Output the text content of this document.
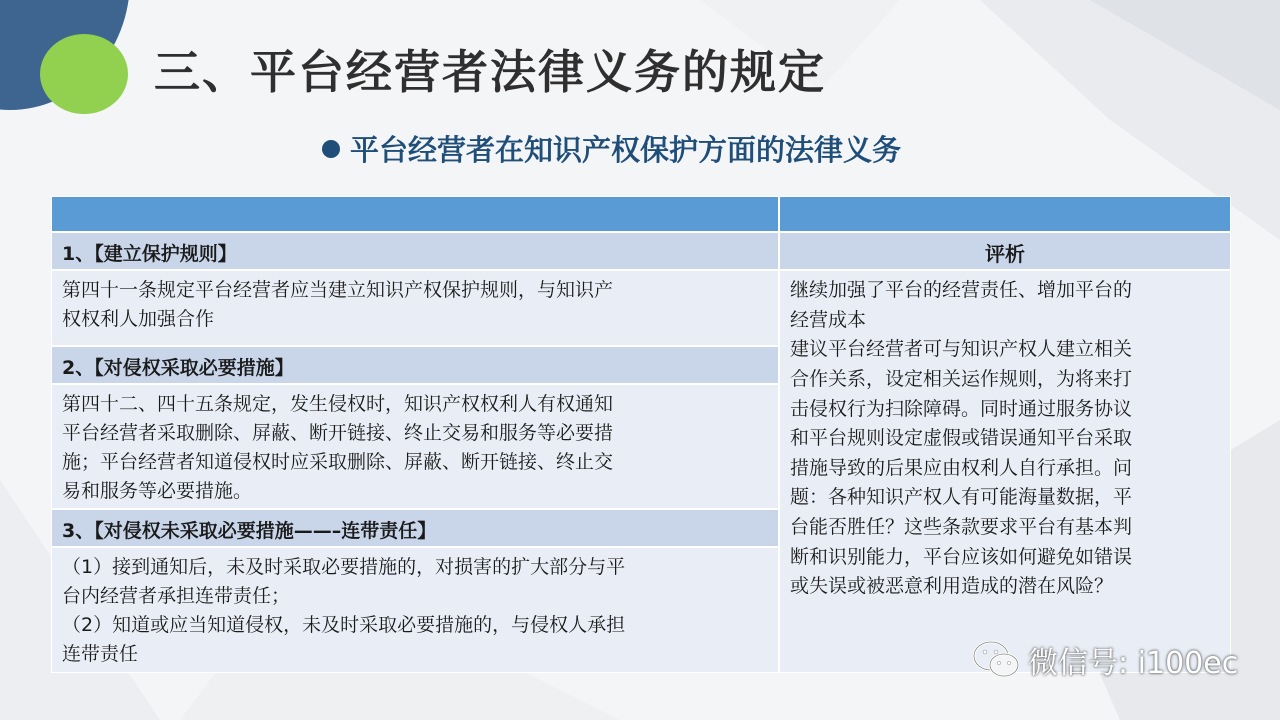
三、平台经营者法律义务的规定
平台经营者在知识产权保护方面的法律义务
1、【建立保护规则】
第四十一条规定平台经营者应当建立知识产权保护规则，与知识产
权权利人加强合作
2、【对侵权采取必要措施】
第四十二、四十五条规定，发生侵权时，知识产权权利人有权通知
平台经营者采取删除、屏蔽、断开链接、终止交易和服务等必要措
施；平台经营者知道侵权时应采取删除、屏蔽、断开链接、终止交
易和服务等必要措施。
3、【对侵权未采取必要措施——–连带责任】
（1）接到通知后，未及时采取必要措施的，对损害的扩大部分与平
台内经营者承担连带责任；
（2）知道或应当知道侵权，未及时采取必要措施的，与侵权人承担
连带责任
评析
继续加强了平台的经营责任、增加平台的
经营成本
建议平台经营者可与知识产权人建立相关
合作关系，设定相关运作规则，为将来打
击侵权行为扫除障碍。同时通过服务协议
和平台规则设定虚假或错误通知平台采取
措施导致的后果应由权利人自行承担。问
题：各种知识产权人有可能海量数据，平
台能否胜任？这些条款要求平台有基本判
断和识别能力，平台应该如何避免如错误
或失误或被恶意利用造成的潜在风险？
微信号: i100ec
